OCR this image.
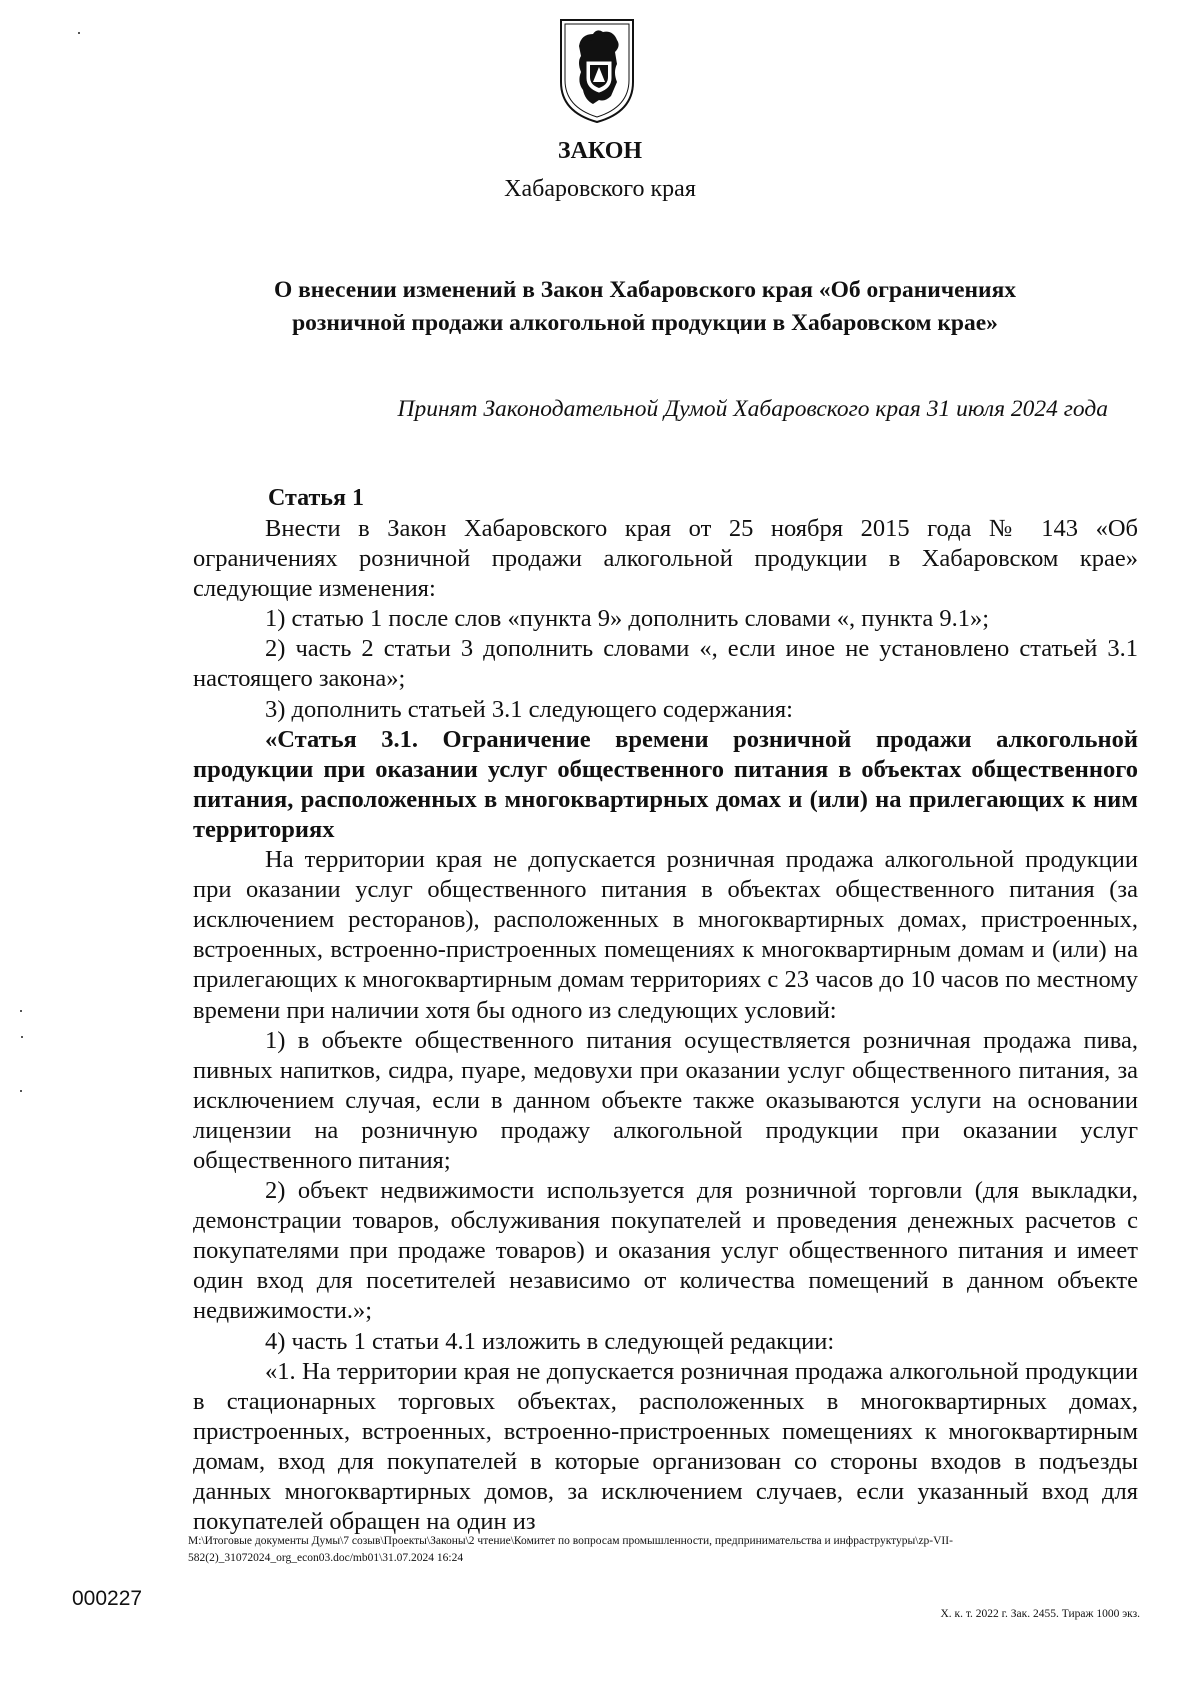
ЗАКОН
Хабаровского края
О внесении изменений в Закон Хабаровского края «Об ограничениях розничной продажи алкогольной продукции в Хабаровском крае»
Принят Законодательной Думой Хабаровского края 31 июля 2024 года
Статья 1

Внести в Закон Хабаровского края от 25 ноября 2015 года № 143 «Об ограничениях розничной продажи алкогольной продукции в Хабаровском крае» следующие изменения:

1) статью 1 после слов «пункта 9» дополнить словами «, пункта 9.1»;

2) часть 2 статьи 3 дополнить словами «, если иное не установлено статьей 3.1 настоящего закона»;

3) дополнить статьей 3.1 следующего содержания:

«Статья 3.1. Ограничение времени розничной продажи алкогольной продукции при оказании услуг общественного питания в объектах общественного питания, расположенных в многоквартирных домах и (или) на прилегающих к ним территориях

На территории края не допускается розничная продажа алкогольной продукции при оказании услуг общественного питания в объектах общественного питания (за исключением ресторанов), расположенных в многоквартирных домах, пристроенных, встроенных, встроенно-пристроенных помещениях к многоквартирным домам и (или) на прилегающих к многоквартирным домам территориях с 23 часов до 10 часов по местному времени при наличии хотя бы одного из следующих условий:

1) в объекте общественного питания осуществляется розничная продажа пива, пивных напитков, сидра, пуаре, медовухи при оказании услуг общественного питания, за исключением случая, если в данном объекте также оказываются услуги на основании лицензии на розничную продажу алкогольной продукции при оказании услуг общественного питания;

2) объект недвижимости используется для розничной торговли (для выкладки, демонстрации товаров, обслуживания покупателей и проведения денежных расчетов с покупателями при продаже товаров) и оказания услуг общественного питания и имеет один вход для посетителей независимо от количества помещений в данном объекте недвижимости.»;

4) часть 1 статьи 4.1 изложить в следующей редакции:

«1. На территории края не допускается розничная продажа алкогольной продукции в стационарных торговых объектах, расположенных в многоквартирных домах, пристроенных, встроенных, встроенно-пристроенных помещениях к многоквартирным домам, вход для покупателей в которые организован со стороны входов в подъезды данных многоквартирных домов, за исключением случаев, если указанный вход для покупателей обращен на один из

M:\Итоговые документы Думы\7 созыв\Проекты\Законы\2 чтение\Комитет по вопросам промышленности, предпринимательства и инфраструктуры\zp-VII-582(2)_31072024_org_econ03.doc/mb01\31.07.2024 16:24
000227
Х. к. т. 2022 г. Зак. 2455. Тираж 1000 экз.
